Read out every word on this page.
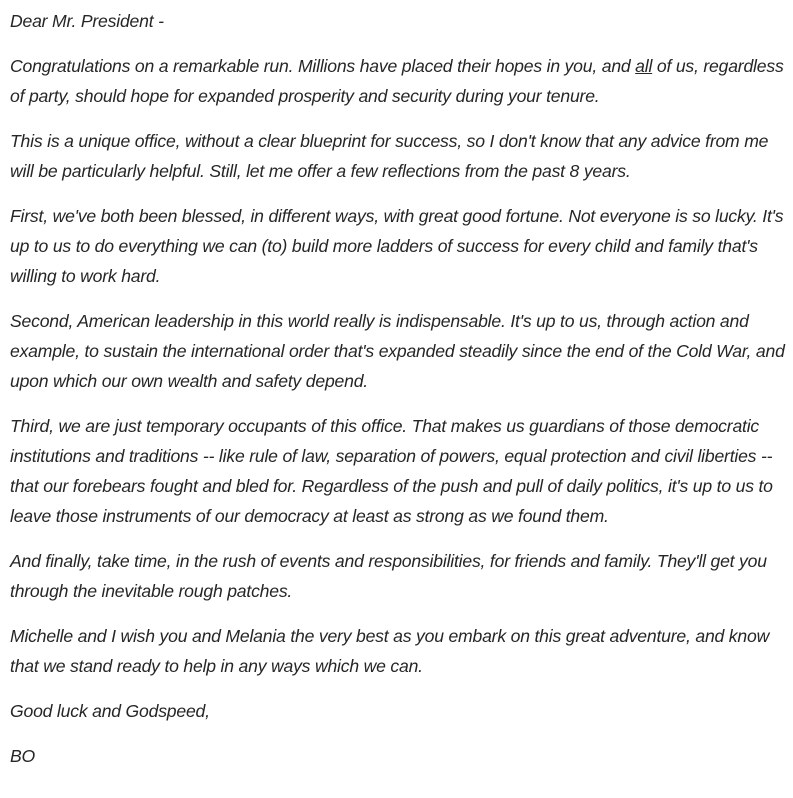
Dear Mr. President -

Congratulations on a remarkable run. Millions have placed their hopes in you, and all of us, regardless of party, should hope for expanded prosperity and security during your tenure.

This is a unique office, without a clear blueprint for success, so I don't know that any advice from me will be particularly helpful. Still, let me offer a few reflections from the past 8 years.

First, we've both been blessed, in different ways, with great good fortune. Not everyone is so lucky. It's up to us to do everything we can (to) build more ladders of success for every child and family that's willing to work hard.

Second, American leadership in this world really is indispensable. It's up to us, through action and example, to sustain the international order that's expanded steadily since the end of the Cold War, and upon which our own wealth and safety depend.

Third, we are just temporary occupants of this office. That makes us guardians of those democratic institutions and traditions -- like rule of law, separation of powers, equal protection and civil liberties -- that our forebears fought and bled for. Regardless of the push and pull of daily politics, it's up to us to leave those instruments of our democracy at least as strong as we found them.

And finally, take time, in the rush of events and responsibilities, for friends and family. They'll get you through the inevitable rough patches.

Michelle and I wish you and Melania the very best as you embark on this great adventure, and know that we stand ready to help in any ways which we can.

Good luck and Godspeed,

BO
